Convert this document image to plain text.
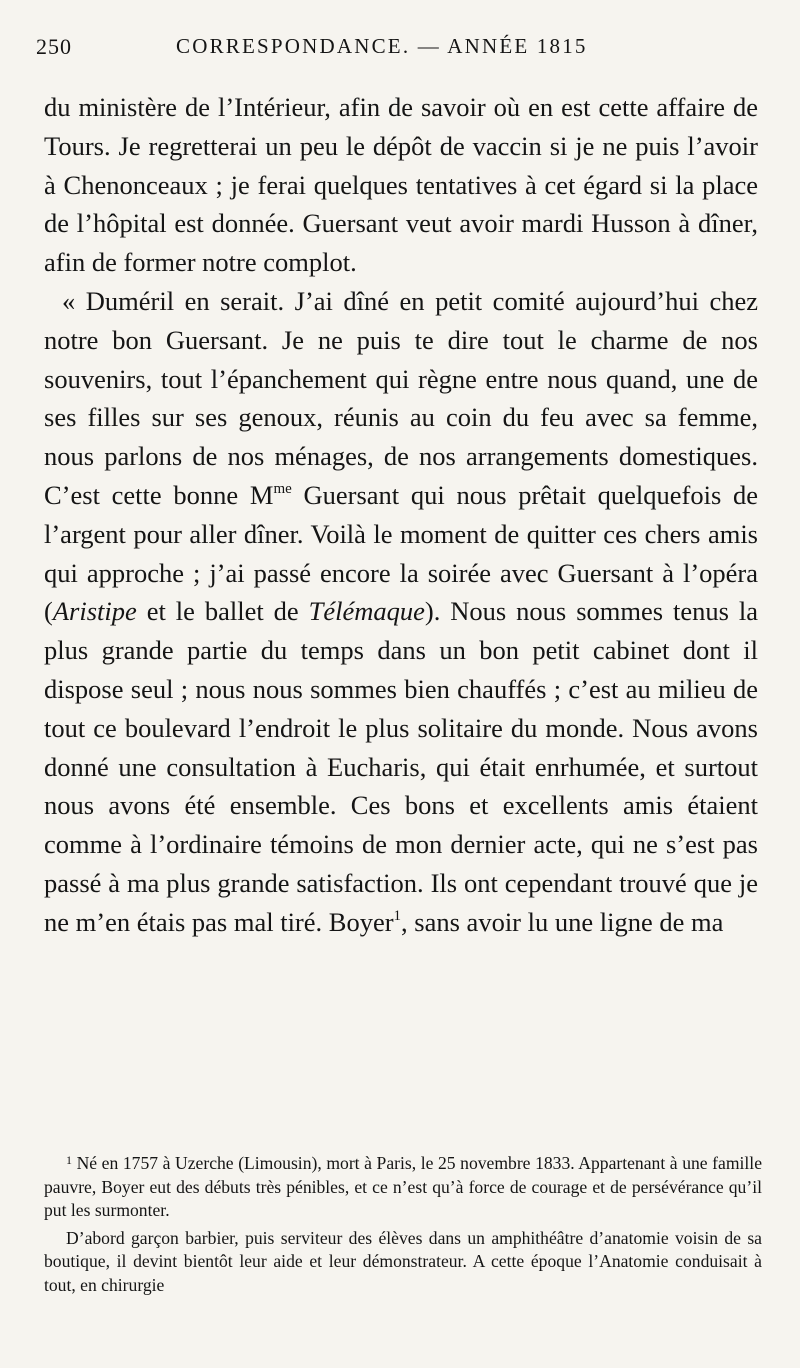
250	CORRESPONDANCE. — ANNÉE 1815

du ministère de l’Intérieur, afin de savoir où en est cette affaire de Tours. Je regretterai un peu le dépôt de vaccin si je ne puis l’avoir à Chenonceaux ; je ferai quelques tentatives à cet égard si la place de l’hôpital est donnée. Guersant veut avoir mardi Husson à dîner, afin de former notre complot.

« Duméril en serait. J’ai dîné en petit comité aujourd’hui chez notre bon Guersant. Je ne puis te dire tout le charme de nos souvenirs, tout l’épanchement qui règne entre nous quand, une de ses filles sur ses genoux, réunis au coin du feu avec sa femme, nous parlons de nos ménages, de nos arrangements domestiques. C’est cette bonne $M^{me}$ Guersant qui nous prêtait quelquefois de l’argent pour aller dîner. Voilà le moment de quitter ces chers amis qui approche ; j’ai passé encore la soirée avec Guersant à l’opéra (Aristipe et le ballet de Télémaque). Nous nous sommes tenus la plus grande partie du temps dans un bon petit cabinet dont il dispose seul ; nous nous sommes bien chauffés ; c’est au milieu de tout ce boulevard l’endroit le plus solitaire du monde. Nous avons donné une consultation à Eucharis, qui était enrhumée, et surtout nous avons été ensemble. Ces bons et excellents amis étaient comme à l’ordinaire témoins de mon dernier acte, qui ne s’est pas passé à ma plus grande satisfaction. Ils ont cependant trouvé que je ne m’en étais pas mal tiré. Boyer$^1$, sans avoir lu une ligne de ma

$^1$ Né en 1757 à Uzerche (Limousin), mort à Paris, le 25 novembre 1833. Appartenant à une famille pauvre, Boyer eut des débuts très pénibles, et ce n’est qu’à force de courage et de persévérance qu’il put les surmonter.

D’abord garçon barbier, puis serviteur des élèves dans un amphithéâtre d’anatomie voisin de sa boutique, il devint bientôt leur aide et leur démonstrateur. A cette époque l’Anatomie conduisait à tout, en chirurgie
